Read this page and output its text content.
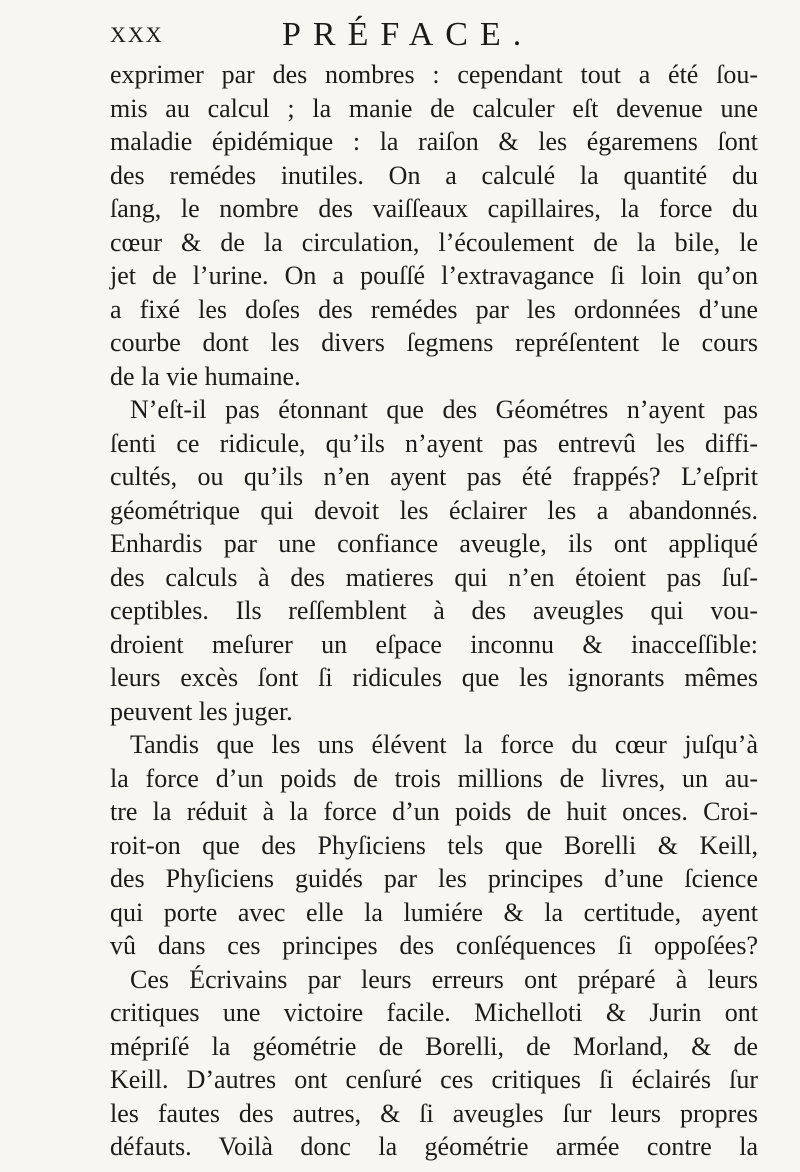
XXX	PRÉFACE.
exprimer par des nombres : cependant tout a été ſou-
mis au calcul ; la manie de calculer eſt devenue une
maladie épidémique : la raiſon & les égaremens ſont
des remédes inutiles. On a calculé la quantité du
ſang, le nombre des vaiſſeaux capillaires, la force du
cœur & de la circulation, l’écoulement de la bile, le
jet de l’urine. On a pouſſé l’extravagance ſi loin qu’on
a fixé les doſes des remédes par les ordonnées d’une
courbe dont les divers ſegmens repréſentent le cours
de la vie humaine.
N’eſt-il pas étonnant que des Géométres n’ayent pas
ſenti ce ridicule, qu’ils n’ayent pas entrevû les diffi-
cultés, ou qu’ils n’en ayent pas été frappés? L’eſprit
géométrique qui devoit les éclairer les a abandonnés.
Enhardis par une confiance aveugle, ils ont appliqué
des calculs à des matieres qui n’en étoient pas ſuſ-
ceptibles. Ils reſſemblent à des aveugles qui vou-
droient meſurer un eſpace inconnu & inacceſſible:
leurs excès ſont ſi ridicules que les ignorants mêmes
peuvent les juger.
Tandis que les uns élévent la force du cœur juſqu’à
la force d’un poids de trois millions de livres, un au-
tre la réduit à la force d’un poids de huit onces. Croi-
roit-on que des Phyſiciens tels que Borelli & Keill,
des Phyſiciens guidés par les principes d’une ſcience
qui porte avec elle la lumiére & la certitude, ayent
vû dans ces principes des conſéquences ſi oppoſées?
Ces Écrivains par leurs erreurs ont préparé à leurs
critiques une victoire facile. Michelloti & Jurin ont
mépriſé la géométrie de Borelli, de Morland, & de
Keill. D’autres ont cenſuré ces critiques ſi éclairés ſur
les fautes des autres, & ſi aveugles ſur leurs propres
défauts. Voilà donc la géométrie armée contre la
